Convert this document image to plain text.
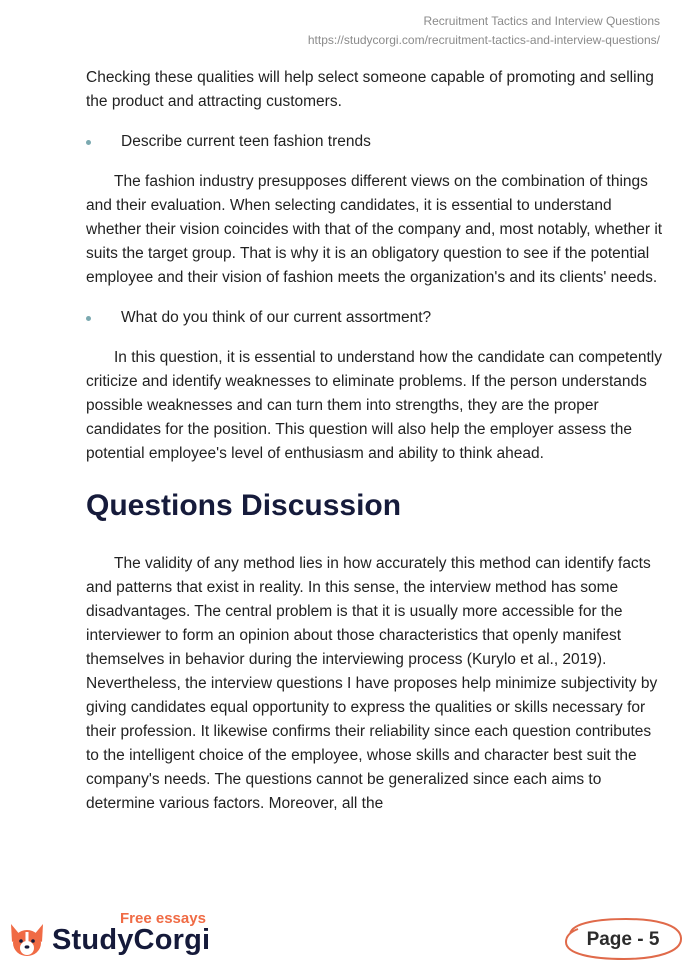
Recruitment Tactics and Interview Questions
https://studycorgi.com/recruitment-tactics-and-interview-questions/

Checking these qualities will help select someone capable of promoting and selling the product and attracting customers.

Describe current teen fashion trends

The fashion industry presupposes different views on the combination of things and their evaluation. When selecting candidates, it is essential to understand whether their vision coincides with that of the company and, most notably, whether it suits the target group. That is why it is an obligatory question to see if the potential employee and their vision of fashion meets the organization's and its clients' needs.

What do you think of our current assortment?

In this question, it is essential to understand how the candidate can competently criticize and identify weaknesses to eliminate problems. If the person understands possible weaknesses and can turn them into strengths, they are the proper candidates for the position. This question will also help the employer assess the potential employee's level of enthusiasm and ability to think ahead.

Questions Discussion

The validity of any method lies in how accurately this method can identify facts and patterns that exist in reality. In this sense, the interview method has some disadvantages. The central problem is that it is usually more accessible for the interviewer to form an opinion about those characteristics that openly manifest themselves in behavior during the interviewing process (Kurylo et al., 2019). Nevertheless, the interview questions I have proposes help minimize subjectivity by giving candidates equal opportunity to express the qualities or skills necessary for their profession. It likewise confirms their reliability since each question contributes to the intelligent choice of the employee, whose skills and character best suit the company's needs. The questions cannot be generalized since each aims to determine various factors. Moreover, all the

Free essays
StudyCorgi	Page - 5
